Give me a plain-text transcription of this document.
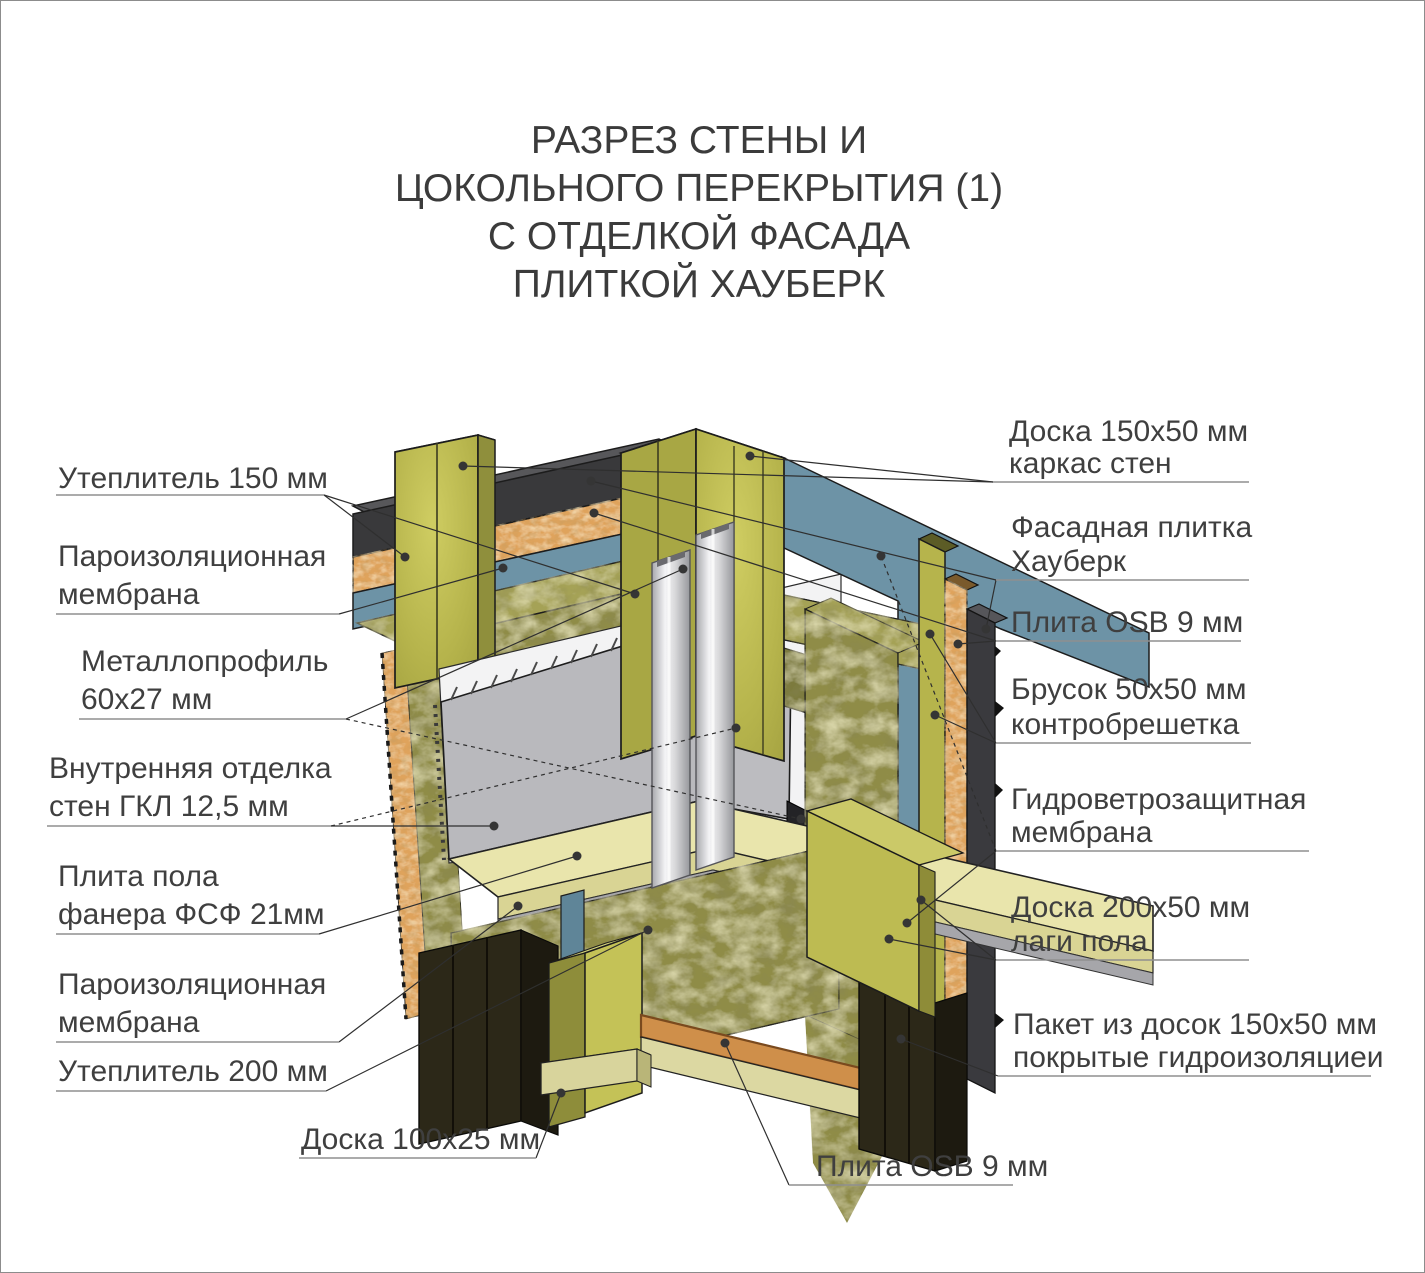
РАЗРЕЗ СТЕНЫ И
ЦОКОЛЬНОГО ПЕРЕКРЫТИЯ (1)
С ОТДЕЛКОЙ ФАСАДА
ПЛИТКОЙ ХАУБЕРК
Утеплитель 150 мм
Пароизоляционная
мембрана
Металлопрофиль
60х27 мм
Внутренняя отделка
стен ГКЛ 12,5 мм
Плита пола
фанера ФСФ 21мм
Пароизоляционная
мембрана
Утеплитель 200 мм
Доска 100х25 мм
Доска 150х50 мм
каркас стен
Фасадная плитка
Хауберк
Плита OSB 9 мм
Брусок 50х50 мм
контробрешетка
Гидроветрозащитная
мембрана
Доска 200х50 мм
лаги пола
Пакет из досок 150х50 мм
покрытые гидроизоляциеи
Плита OSB 9 мм
